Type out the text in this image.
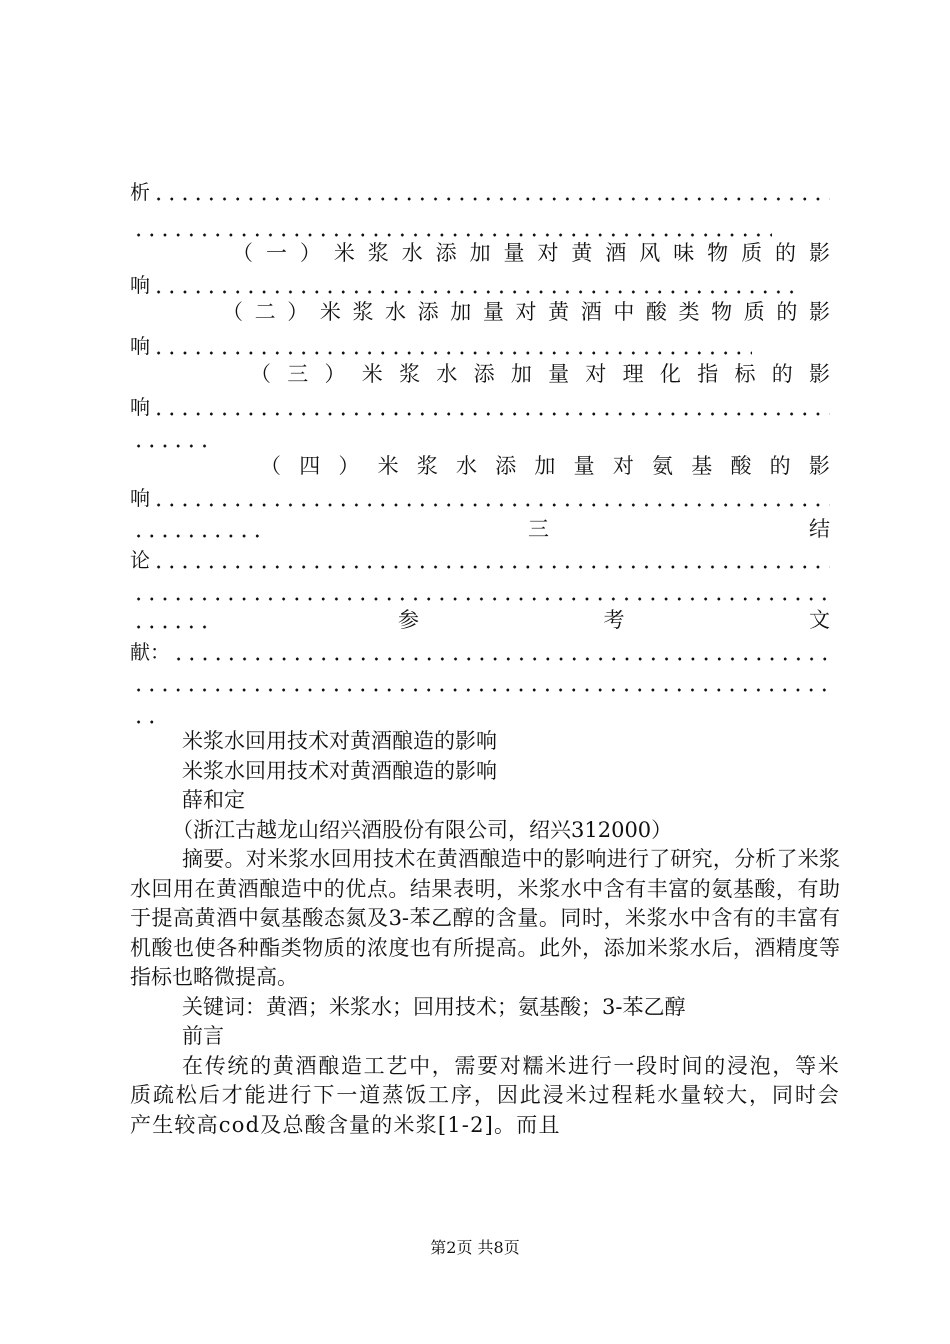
析
（ 一 ） 米 浆 水 添 加 量 对 黄 酒 风 味 物 质 的 影
响
（ 二 ） 米 浆 水 添 加 量 对 黄 酒 中 酸 类 物 质 的 影
响
（ 三 ） 米 浆 水 添 加 量 对 理 化 指 标 的 影
响
（ 四 ） 米 浆 水 添 加 量 对 氨 基 酸 的 影
响
三	结
论
参	考	文
献：

米浆水回用技术对黄酒酿造的影响

米浆水回用技术对黄酒酿造的影响

薛和定

（浙江古越龙山绍兴酒股份有限公司，绍兴312000）

摘要。对米浆水回用技术在黄酒酿造中的影响进行了研究，分析了米浆水回用在黄酒酿造中的优点。结果表明，米浆水中含有丰富的氨基酸，有助于提高黄酒中氨基酸态氮及3-苯乙醇的含量。同时，米浆水中含有的丰富有机酸也使各种酯类物质的浓度也有所提高。此外，添加米浆水后，酒精度等指标也略微提高。

关键词：黄酒；米浆水；回用技术；氨基酸；3-苯乙醇

前言

在传统的黄酒酿造工艺中，需要对糯米进行一段时间的浸泡，等米质疏松后才能进行下一道蒸饭工序，因此浸米过程耗水量较大，同时会产生较高cod及总酸含量的米浆[1-2]。而且

第2页 共8页
